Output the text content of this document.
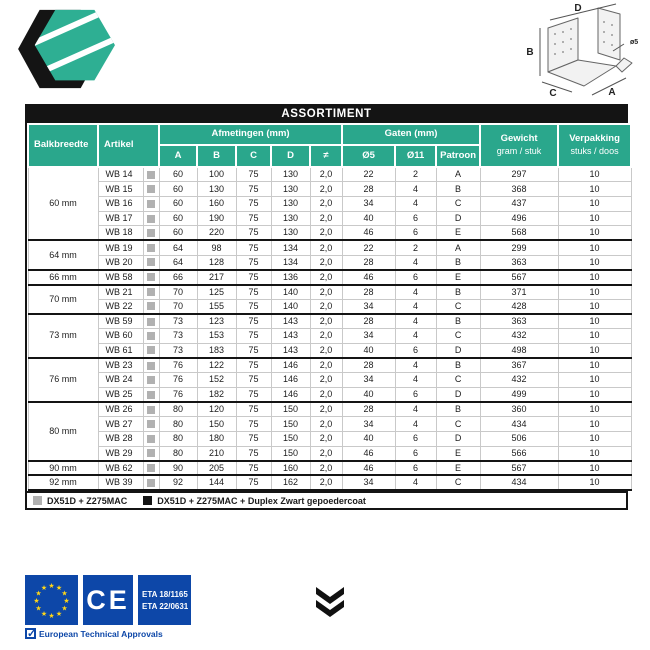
D
B
C	A
ø5
ASSORTIMENT
Balkbreedte	Artikel		Afmetingen (mm)					Gaten (mm)			Gewicht
gram / stuk	Verpakking
stuks / doos

			A	B	C	D	≠	Ø5	Ø11	Patroon		
60 mm	WB 14		60	100	75	130	2,0	22	2	A	297	10
	WB 15		60	130	75	130	2,0	28	4	B	368	10
	WB 16		60	160	75	130	2,0	34	4	C	437	10
	WB 17		60	190	75	130	2,0	40	6	D	496	10
	WB 18		60	220	75	130	2,0	46	6	E	568	10
64 mm	WB 19		64	98	75	134	2,0	22	2	A	299	10
	WB 20		64	128	75	134	2,0	28	4	B	363	10
66 mm	WB 58		66	217	75	136	2,0	46	6	E	567	10
70 mm	WB 21		70	125	75	140	2,0	28	4	B	371	10
	WB 22		70	155	75	140	2,0	34	4	C	428	10
73 mm	WB 59		73	123	75	143	2,0	28	4	B	363	10
	WB 60		73	153	75	143	2,0	34	4	C	432	10
	WB 61		73	183	75	143	2,0	40	6	D	498	10
76 mm	WB 23		76	122	75	146	2,0	28	4	B	367	10
	WB 24		76	152	75	146	2,0	34	4	C	432	10
	WB 25		76	182	75	146	2,0	40	6	D	499	10
80 mm	WB 26		80	120	75	150	2,0	28	4	B	360	10
	WB 27		80	150	75	150	2,0	34	4	C	434	10
	WB 28		80	180	75	150	2,0	40	6	D	506	10
	WB 29		80	210	75	150	2,0	46	6	E	566	10
90 mm	WB 62		90	205	75	160	2,0	46	6	E	567	10
92 mm	WB 39		92	144	75	162	2,0	34	4	C	434	10
DX51D + Z275MAC	DX51D + Z275MAC + Duplex Zwart gepoedercoat
★ ★
★
★
★
★
★
★
★
★
★
★ CE	ETA 18/1165
ETA 22/0631
✓ European Technical Approvals
